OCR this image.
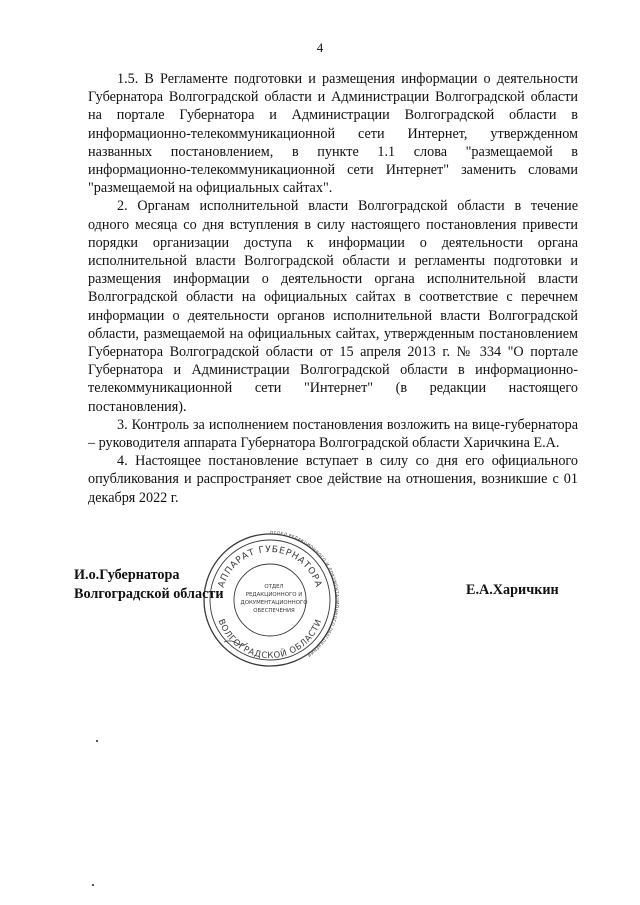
4

1.5. В Регламенте подготовки и размещения информации о деятельности Губернатора Волгоградской области и Администрации Волгоградской области на портале Губернатора и Администрации Волгоградской области в информационно-телекоммуникационной сети Интернет, утвержденном названных постановлением, в пункте 1.1 слова "размещаемой в информационно-телекоммуникационной сети Интернет" заменить словами "размещаемой на официальных сайтах".

2. Органам исполнительной власти Волгоградской области в течение одного месяца со дня вступления в силу настоящего постановления привести порядки организации доступа к информации о деятельности органа исполнительной власти Волгоградской области и регламенты подготовки и размещения информации о деятельности органа исполнительной власти Волгоградской области на официальных сайтах в соответствие с перечнем информации о деятельности органов исполнительной власти Волгоградской области, размещаемой на официальных сайтах, утвержденным постановлением Губернатора Волгоградской области от 15 апреля 2013 г. № 334 "О портале Губернатора и Администрации Волгоградской области в информационно-телекоммуникационной сети "Интернет" (в редакции настоящего постановления).

3. Контроль за исполнением постановления возложить на вице-губернатора – руководителя аппарата Губернатора Волгоградской области Харичкина Е.А.

4. Настоящее постановление вступает в силу со дня его официального опубликования и распространяет свое действие на отношения, возникшие с 01 декабря 2022 г.

ОТДЕЛ РЕДАКЦИОННОГО И ДОКУМЕНТАЦИОННОГО ОБЕСПЕЧЕНИЯ
АППАРАТ ГУБЕРНАТОРА
ВОЛГОГРАДСКОЙ ОБЛАСТИ
ОТДЕЛ
РЕДАКЦИОННОГО И
ДОКУМЕНТАЦИОННОГО
ОБЕСПЕЧЕНИЯ
И.о.Губернатора
Волгоградской области	Е.А.Харичкин
